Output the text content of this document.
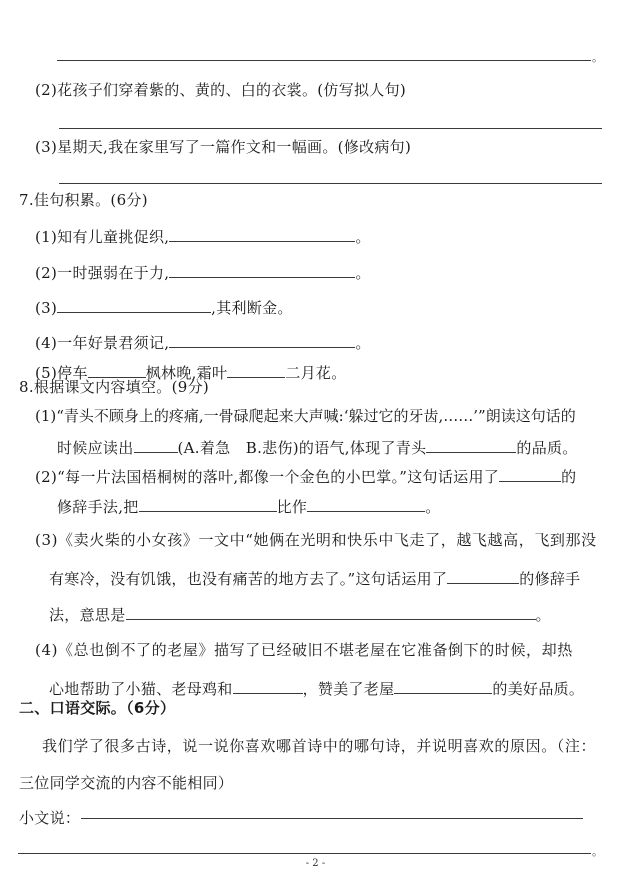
。
(2)花孩子们穿着紫的、黄的、白的衣裳。(仿写拟人句)
(3)星期天,我在家里写了一篇作文和一幅画。(修改病句)
7.佳句积累。(6分)
(1)知有儿童挑促织,	。
(2)一时强弱在于力,	。
(3)	,其利断金。
(4)一年好景君须记,	。
(5)停车	枫林晚,霜叶	二月花。
8.根据课文内容填空。(9分)
(1)“青头不顾身上的疼痛,一骨碌爬起来大声喊:‘躲过它的牙齿,……’”朗读这句话的
时候应读出	(A.着急　B.悲伤)的语气,体现了青头	的品质。
(2)“每一片法国梧桐树的落叶,都像一个金色的小巴掌。”这句话运用了	的
修辞手法,把	比作	。
(3)《卖火柴的小女孩》一文中“她俩在光明和快乐中飞走了，越飞越高，飞到那没
有寒冷，没有饥饿，也没有痛苦的地方去了。”这句话运用了	的修辞手
法，意思是	。
(4)《总也倒不了的老屋》描写了已经破旧不堪老屋在它准备倒下的时候，却热
心地帮助了小猫、老母鸡和	，赞美了老屋	的美好品质。
二、口语交际。（6分）
我们学了很多古诗，说一说你喜欢哪首诗中的哪句诗，并说明喜欢的原因。（注：
三位同学交流的内容不能相同）
小文说：
。
- 2 -
